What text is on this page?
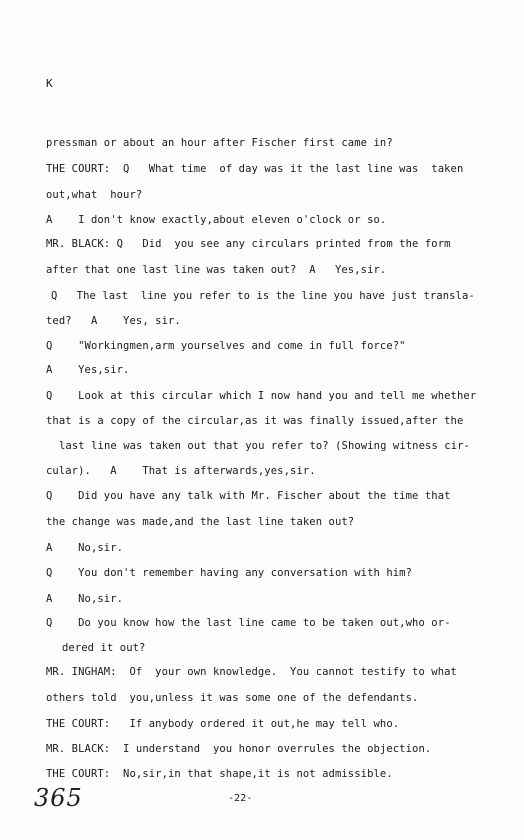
K
pressman or about an hour after Fischer first came in?
THE COURT:  Q   What time  of day was it the last line was  taken
out,what  hour?
A    I don't know exactly,about eleven o'clock or so.
MR. BLACK: Q   Did  you see any circulars printed from the form
after that one last line was taken out?  A   Yes,sir.
Q   The last  line you refer to is the line you have just transla-
ted?   A    Yes, sir.
Q    "Workingmen,arm yourselves and come in full force?"
A    Yes,sir.
Q    Look at this circular which I now hand you and tell me whether
that is a copy of the circular,as it was finally issued,after the
last line was taken out that you refer to? (Showing witness cir-
cular).   A    That is afterwards,yes,sir.
Q    Did you have any talk with Mr. Fischer about the time that
the change was made,and the last line taken out?
A    No,sir.
Q    You don't remember having any conversation with him?
A    No,sir.
Q    Do you know how the last line came to be taken out,who or-
dered it out?
MR. INGHAM:  Of  your own knowledge.  You cannot testify to what
others told  you,unless it was some one of the defendants.
THE COURT:   If anybody ordered it out,he may tell who.
MR. BLACK:  I understand  you honor overrules the objection.
THE COURT:  No,sir,in that shape,it is not admissible.
365	-22-
